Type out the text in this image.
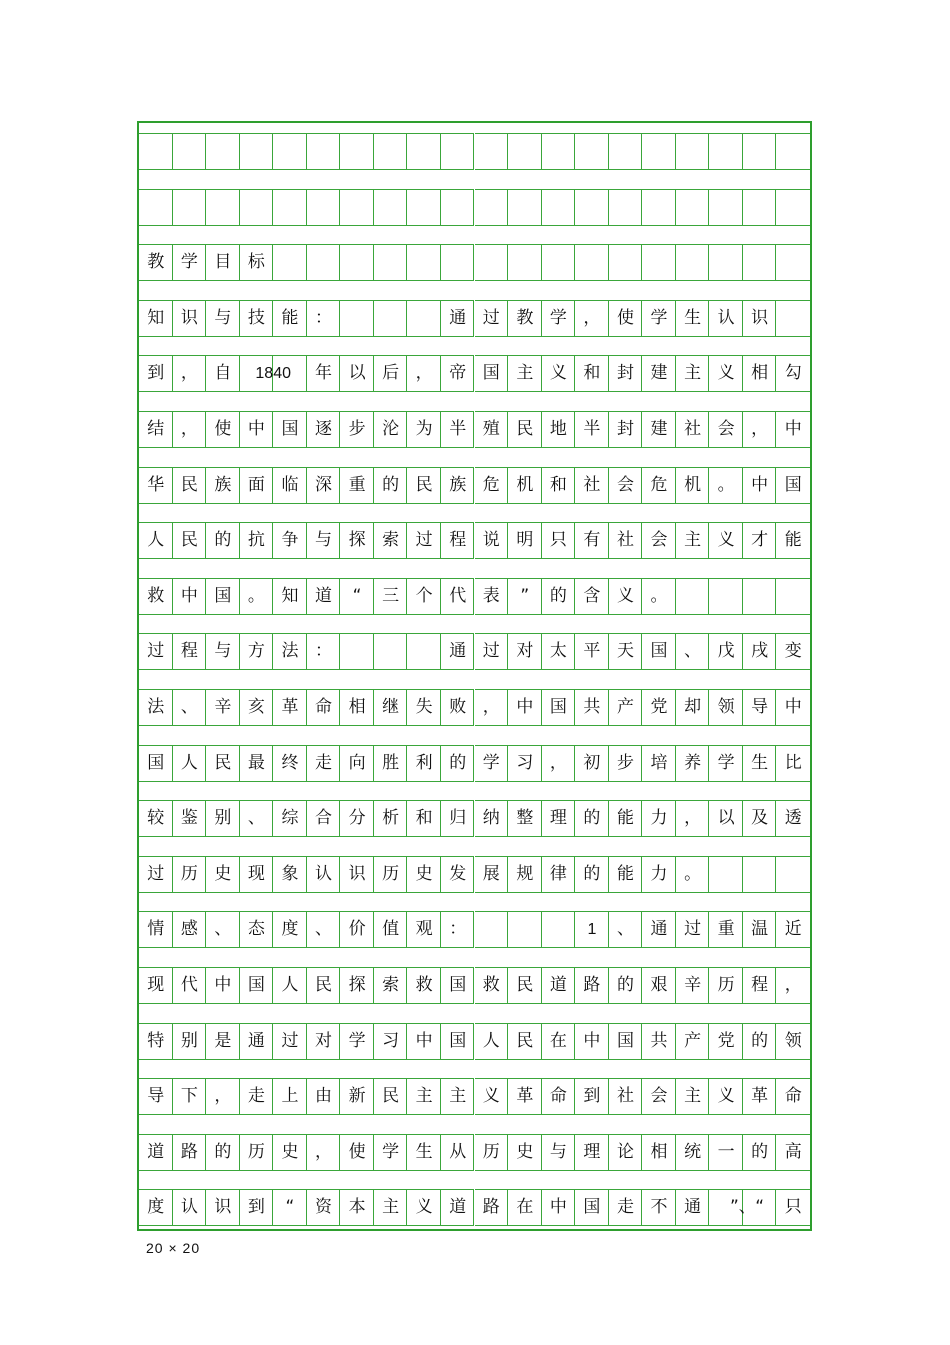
教 学 目 标
知 识 与 技 能 ：	通 过 教 学 ， 使 学 生 认 识
到 ， 自	1840	年 以 后 ， 帝 国 主 义 和 封 建 主 义 相 勾
结 ， 使 中 国 逐 步 沦 为 半 殖 民 地 半 封 建 社 会 ， 中
华 民 族 面 临 深 重 的 民 族 危 机 和 社 会 危 机 。 中 国
人 民 的 抗 争 与 探 索 过 程 说 明 只 有 社 会 主 义 才 能
救 中 国 。 知 道	“	三 个 代 表	”	的 含 义 。
过 程 与 方 法 ：	通 过 对 太 平 天 国 、 戊 戌 变
法 、 辛 亥 革 命 相 继 失 败 ， 中 国 共 产 党 却 领 导 中
国 人 民 最 终 走 向 胜 利 的 学 习 ， 初 步 培 养 学 生 比
较 鉴 别 、 综 合 分 析 和 归 纳 整 理 的 能 力 ， 以 及 透
过 历 史 现 象 认 识 历 史 发 展 规 律 的 能 力 。
情 感 、 态 度 、 价 值 观 ：	1	、 通 过 重 温 近
现 代 中 国 人 民 探 索 救 国 救 民 道 路 的 艰 辛 历 程 ，
特 别 是 通 过 对 学 习 中 国 人 民 在 中 国 共 产 党 的 领
导 下 ， 走 上 由 新 民 主 主 义 革 命 到 社 会 主 义 革 命
道 路 的 历 史 ， 使 学 生 从 历 史 与 理 论 相 统 一 的 高
度 认 识 到	“	资 本 主 义 道 路 在 中 国 走 不 通	”、 “	只
20 × 20
